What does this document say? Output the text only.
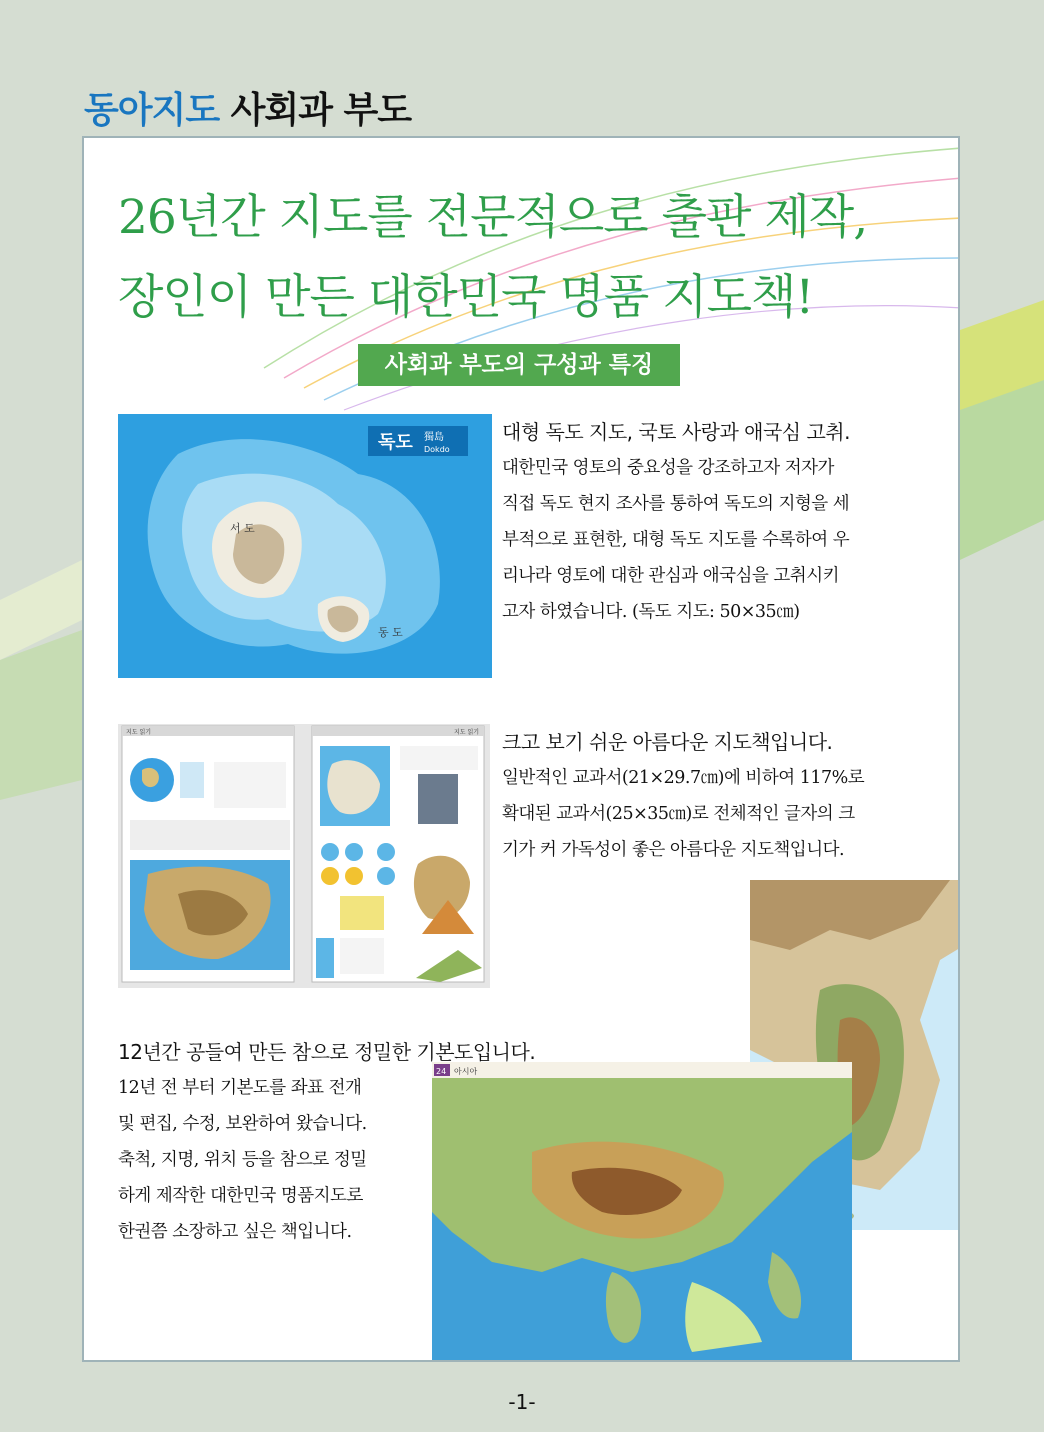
동아지도 사회과 부도
26년간 지도를 전문적으로 출판 제작,
장인이 만든 대한민국 명품 지도책!
사회과 부도의 구성과 특징
독도 獨島
Dokdo
서 도
동 도
대형 독도 지도, 국토 사랑과 애국심 고취.
대한민국 영토의 중요성을 강조하고자 저자가
직접 독도 현지 조사를 통하여 독도의 지형을 세
부적으로 표현한, 대형 독도 지도를 수록하여 우
리나라 영토에 대한 관심과 애국심을 고취시키
고자 하였습니다. (독도 지도: 50×35㎝)
지도 읽기	지도 읽기 크고 보기 쉬운 아름다운 지도책입니다.
일반적인 교과서(21×29.7㎝)에 비하여 117%로
확대된 교과서(25×35㎝)로 전체적인 글자의 크
기가 커 가독성이 좋은 아름다운 지도책입니다.
24 아시아
12년간 공들여 만든 참으로 정밀한 기본도입니다.
12년 전 부터 기본도를 좌표 전개
및 편집, 수정, 보완하여 왔습니다.
축척, 지명, 위치 등을 참으로 정밀
하게 제작한 대한민국 명품지도로
한권쯤 소장하고 싶은 책입니다.
-1-
